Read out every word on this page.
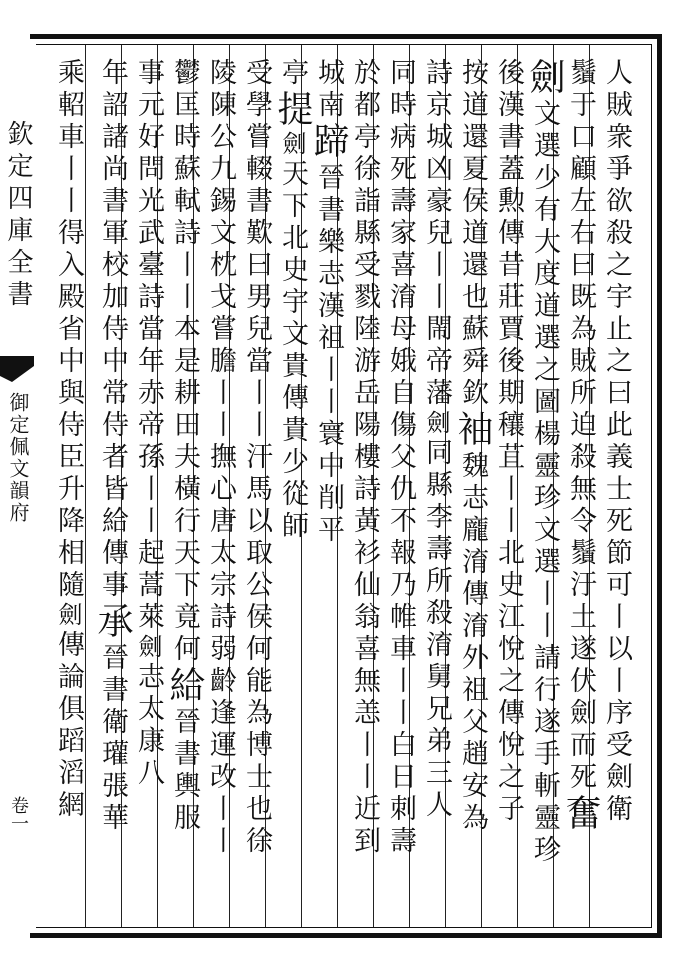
欽定四庫全書
御定佩文韻府
卷一	人賊衆爭欲殺之宇止之曰此義士死節可丨以丨序受劍衛
鬚于口顧左右曰既為賊所迫殺無令鬚汙土遂伏劍而死奮
劍文選少有大度道選之圖楊靈珍文選丨丨請行遂手斬靈珍
後漢書蓋勲傳昔莊賈後期穰苴丨丨北史江悅之傳悅之子
按道還夏侯道還也蘇舜欽袖魏志龐淯傳淯外祖父趙安為
詩京城凶豪兒丨丨閙帝藩劍同縣李壽所殺淯舅兄弟三人
同時病死壽家喜淯母娥自傷父仇不報乃帷車丨丨白日刺壽
於都亭徐詣縣受戮陸游岳陽樓詩黃衫仙翁喜無恙丨丨近到
城南蹄晉書樂志漢祖丨丨寰中削平
亭提劍天下北史宇文貴傳貴少從師
受學嘗輟書歎曰男兒當丨丨汗馬以取公侯何能為博士也徐
陵陳公九錫文枕戈嘗膽丨丨撫心唐太宗詩弱齡逢運改丨丨
鬱匡時蘇軾詩丨丨本是耕田夫橫行天下竟何給晉書輿服
事元好問光武臺詩當年赤帝孫丨丨起蒿萊劍志太康八
年詔諸尚書軍校加侍中常侍者皆給傳事承晉書衛瓘張華
乘軺車丨丨得入殿省中與侍臣升降相隨劍傳論俱蹈滔網
